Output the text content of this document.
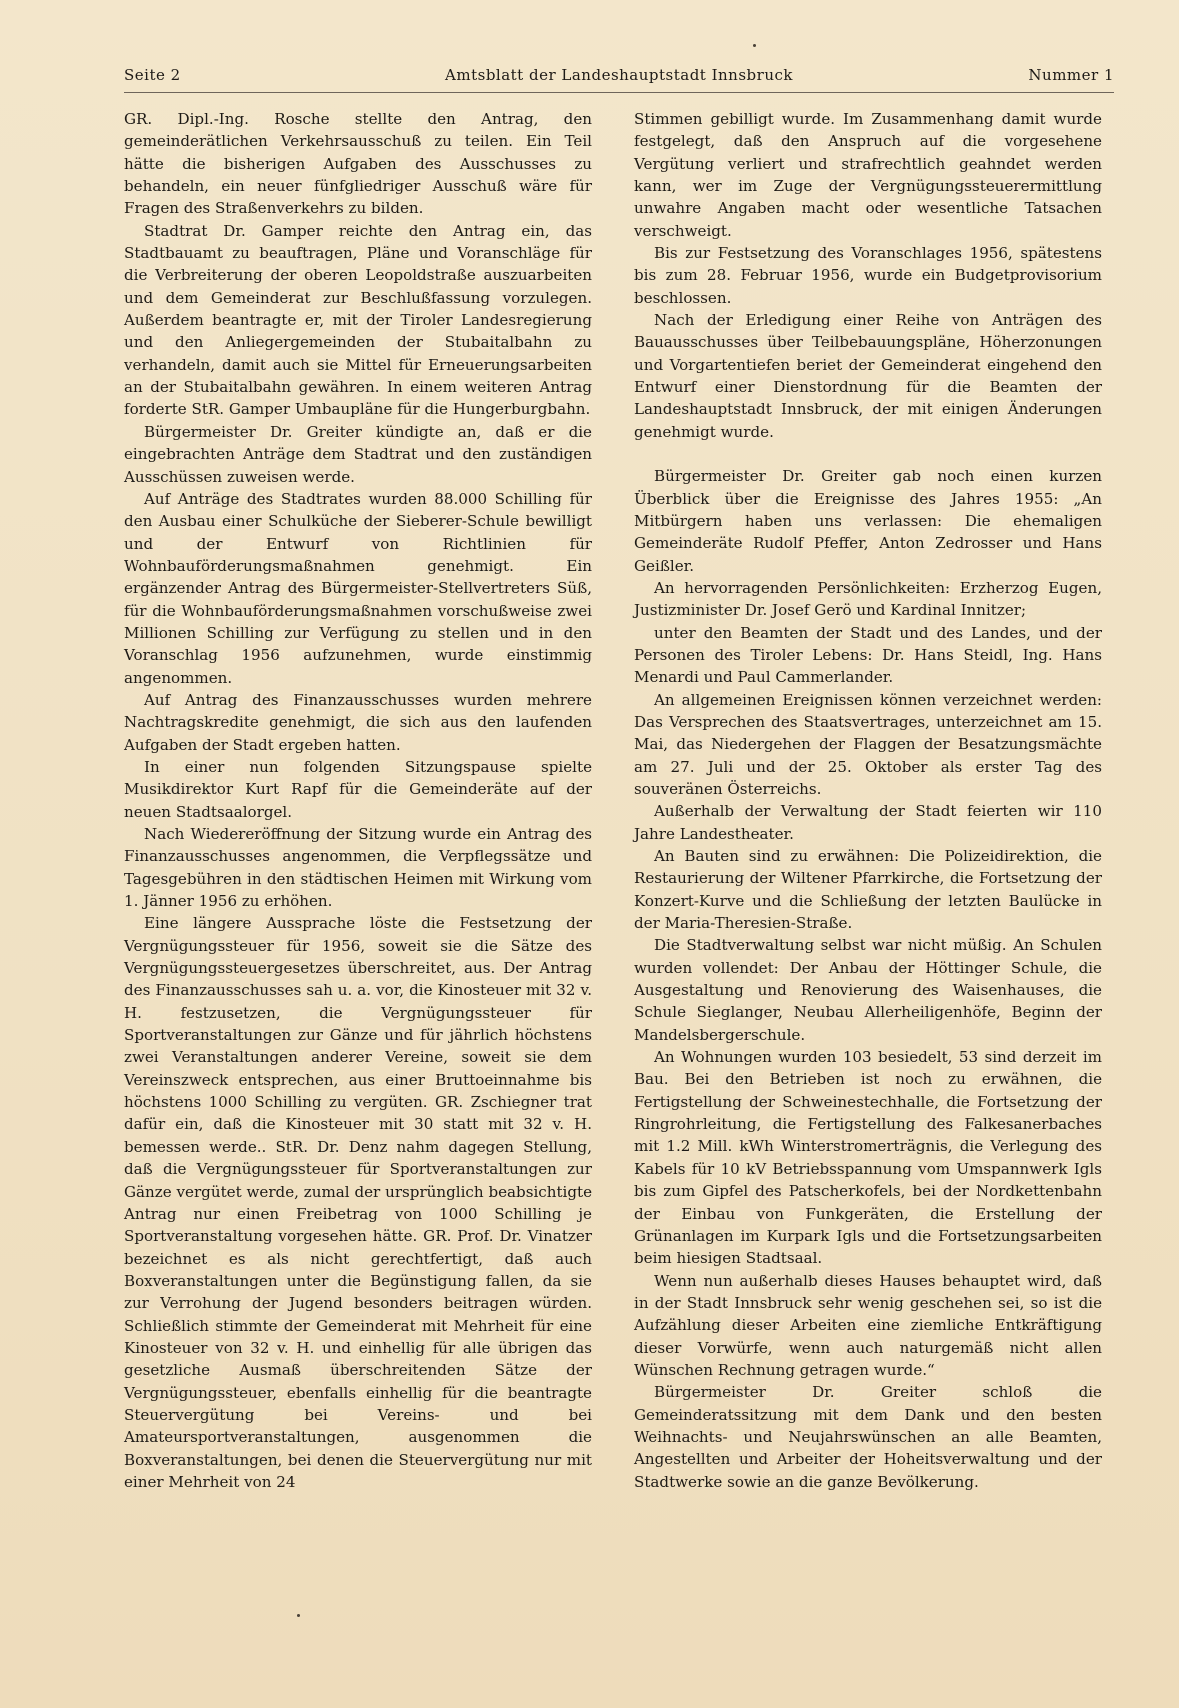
Seite 2	Amtsblatt der Landeshauptstadt Innsbruck	Nummer 1

GR. Dipl.-Ing. Rosche stellte den Antrag, den gemeinderätlichen Verkehrsausschuß zu teilen. Ein Teil hätte die bisherigen Aufgaben des Ausschusses zu behandeln, ein neuer fünfgliedriger Ausschuß wäre für Fragen des Straßenverkehrs zu bilden.

Stadtrat Dr. Gamper reichte den Antrag ein, das Stadtbauamt zu beauftragen, Pläne und Voranschläge für die Verbreiterung der oberen Leopoldstraße auszuarbeiten und dem Gemeinderat zur Beschlußfassung vorzulegen. Außerdem beantragte er, mit der Tiroler Landesregierung und den Anliegergemeinden der Stubaitalbahn zu verhandeln, damit auch sie Mittel für Erneuerungsarbeiten an der Stubaitalbahn gewähren. In einem weiteren Antrag forderte StR. Gamper Umbaupläne für die Hungerburgbahn.

Bürgermeister Dr. Greiter kündigte an, daß er die eingebrachten Anträge dem Stadtrat und den zuständigen Ausschüssen zuweisen werde.

Auf Anträge des Stadtrates wurden 88.000 Schilling für den Ausbau einer Schulküche der Sieberer-Schule bewilligt und der Entwurf von Richtlinien für Wohnbauförderungsmaßnahmen genehmigt. Ein ergänzender Antrag des Bürgermeister-Stellvertreters Süß, für die Wohnbauförderungsmaßnahmen vorschußweise zwei Millionen Schilling zur Verfügung zu stellen und in den Voranschlag 1956 aufzunehmen, wurde einstimmig angenommen.

Auf Antrag des Finanzausschusses wurden mehrere Nachtragskredite genehmigt, die sich aus den laufenden Aufgaben der Stadt ergeben hatten.

In einer nun folgenden Sitzungspause spielte Musikdirektor Kurt Rapf für die Gemeinderäte auf der neuen Stadtsaalorgel.

Nach Wiedereröffnung der Sitzung wurde ein Antrag des Finanzausschusses angenommen, die Verpflegssätze und Tagesgebühren in den städtischen Heimen mit Wirkung vom 1. Jänner 1956 zu erhöhen.

Eine längere Aussprache löste die Festsetzung der Vergnügungssteuer für 1956, soweit sie die Sätze des Vergnügungssteuergesetzes überschreitet, aus. Der Antrag des Finanzausschusses sah u. a. vor, die Kinosteuer mit 32 v. H. festzusetzen, die Vergnügungssteuer für Sportveranstaltungen zur Gänze und für jährlich höchstens zwei Veranstaltungen anderer Vereine, soweit sie dem Vereinszweck entsprechen, aus einer Bruttoeinnahme bis höchstens 1000 Schilling zu vergüten. GR. Zschiegner trat dafür ein, daß die Kinosteuer mit 30 statt mit 32 v. H. bemessen werde.. StR. Dr. Denz nahm dagegen Stellung, daß die Vergnügungssteuer für Sportveranstaltungen zur Gänze vergütet werde, zumal der ursprünglich beabsichtigte Antrag nur einen Freibetrag von 1000 Schilling je Sportveranstaltung vorgesehen hätte. GR. Prof. Dr. Vinatzer bezeichnet es als nicht gerechtfertigt, daß auch Boxveranstaltungen unter die Begünstigung fallen, da sie zur Verrohung der Jugend besonders beitragen würden. Schließlich stimmte der Gemeinderat mit Mehrheit für eine Kinosteuer von 32 v. H. und einhellig für alle übrigen das gesetzliche Ausmaß überschreitenden Sätze der Vergnügungssteuer, ebenfalls einhellig für die beantragte Steuervergütung bei Vereins- und bei Amateursportveranstaltungen, ausgenommen die Boxveranstaltungen, bei denen die Steuervergütung nur mit einer Mehrheit von 24

Stimmen gebilligt wurde. Im Zusammenhang damit wurde festgelegt, daß den Anspruch auf die vorgesehene Vergütung verliert und strafrechtlich geahndet werden kann, wer im Zuge der Vergnügungssteuerermittlung unwahre Angaben macht oder wesentliche Tatsachen verschweigt.

Bis zur Festsetzung des Voranschlages 1956, spätestens bis zum 28. Februar 1956, wurde ein Budgetprovisorium beschlossen.

Nach der Erledigung einer Reihe von Anträgen des Bauausschusses über Teilbebauungspläne, Höherzonungen und Vorgartentiefen beriet der Gemeinderat eingehend den Entwurf einer Dienstordnung für die Beamten der Landeshauptstadt Innsbruck, der mit einigen Änderungen genehmigt wurde.

Bürgermeister Dr. Greiter gab noch einen kurzen Überblick über die Ereignisse des Jahres 1955: „An Mitbürgern haben uns verlassen: Die ehemaligen Gemeinderäte Rudolf Pfeffer, Anton Zedrosser und Hans Geißler.

An hervorragenden Persönlichkeiten: Erzherzog Eugen, Justizminister Dr. Josef Gerö und Kardinal Innitzer;

unter den Beamten der Stadt und des Landes, und der Personen des Tiroler Lebens: Dr. Hans Steidl, Ing. Hans Menardi und Paul Cammerlander.

An allgemeinen Ereignissen können verzeichnet werden: Das Versprechen des Staatsvertrages, unterzeichnet am 15. Mai, das Niedergehen der Flaggen der Besatzungsmächte am 27. Juli und der 25. Oktober als erster Tag des souveränen Österreichs.

Außerhalb der Verwaltung der Stadt feierten wir 110 Jahre Landestheater.

An Bauten sind zu erwähnen: Die Polizeidirektion, die Restaurierung der Wiltener Pfarrkirche, die Fortsetzung der Konzert-Kurve und die Schließung der letzten Baulücke in der Maria-Theresien-Straße.

Die Stadtverwaltung selbst war nicht müßig. An Schulen wurden vollendet: Der Anbau der Höttinger Schule, die Ausgestaltung und Renovierung des Waisenhauses, die Schule Sieglanger, Neubau Allerheiligenhöfe, Beginn der Mandelsbergerschule.

An Wohnungen wurden 103 besiedelt, 53 sind derzeit im Bau. Bei den Betrieben ist noch zu erwähnen, die Fertigstellung der Schweinestechhalle, die Fortsetzung der Ringrohrleitung, die Fertigstellung des Falkesanerbaches mit 1.2 Mill. kWh Winterstromerträgnis, die Verlegung des Kabels für 10 kV Betriebsspannung vom Umspannwerk Igls bis zum Gipfel des Patscherkofels, bei der Nordkettenbahn der Einbau von Funkgeräten, die Erstellung der Grünanlagen im Kurpark Igls und die Fortsetzungsarbeiten beim hiesigen Stadtsaal.

Wenn nun außerhalb dieses Hauses behauptet wird, daß in der Stadt Innsbruck sehr wenig geschehen sei, so ist die Aufzählung dieser Arbeiten eine ziemliche Entkräftigung dieser Vorwürfe, wenn auch naturgemäß nicht allen Wünschen Rechnung getragen wurde.“

Bürgermeister Dr. Greiter schloß die Gemeinderatssitzung mit dem Dank und den besten Weihnachts- und Neujahrswünschen an alle Beamten, Angestellten und Arbeiter der Hoheitsverwaltung und der Stadtwerke sowie an die ganze Bevölkerung.
